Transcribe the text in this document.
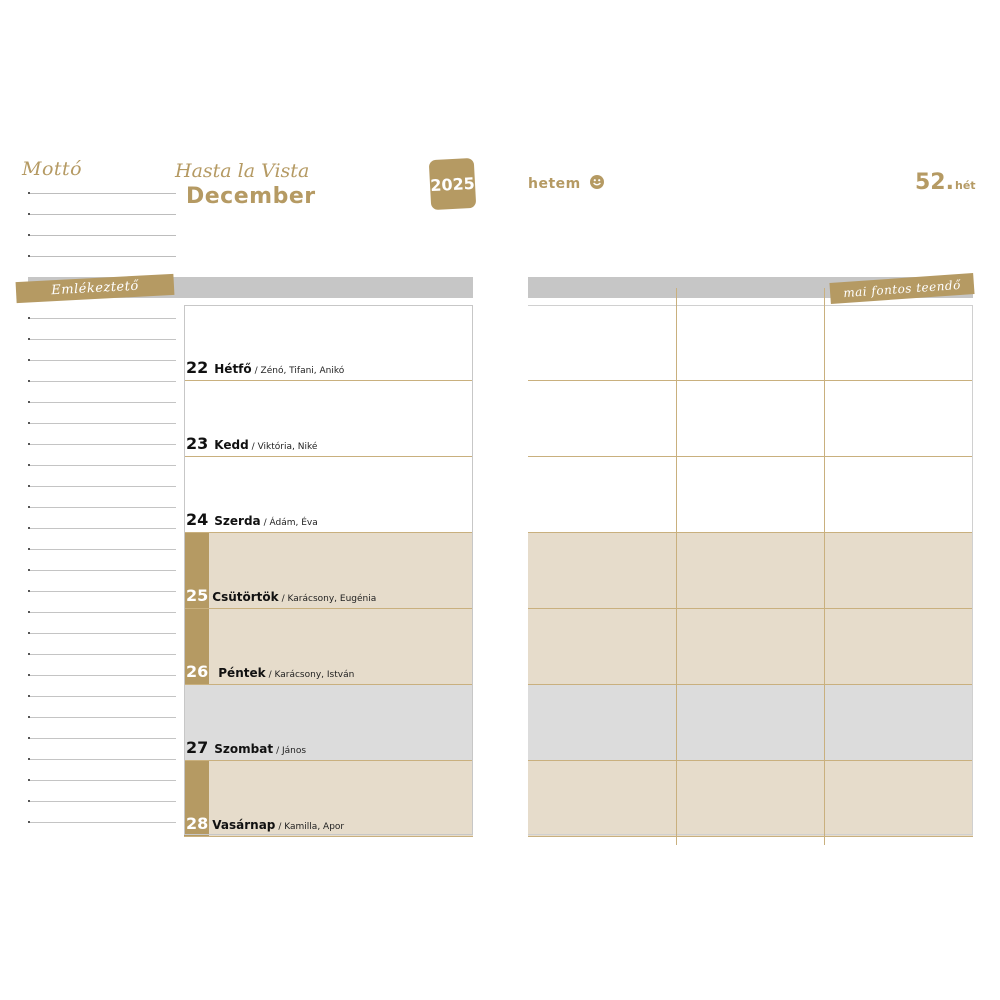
Mottó	Hasta la Vista
December	2025	hetem	52. hét
Emlékeztető
22 Hétfő / Zénó, Tifani, Anikó
23 Kedd / Viktória, Niké
24 Szerda / Ádám, Éva
25 Csütörtök / Karácsony, Eugénia
26 Péntek / Karácsony, István
27 Szombat / János
28 Vasárnap / Kamilla, Apor
mai fontos teendő
